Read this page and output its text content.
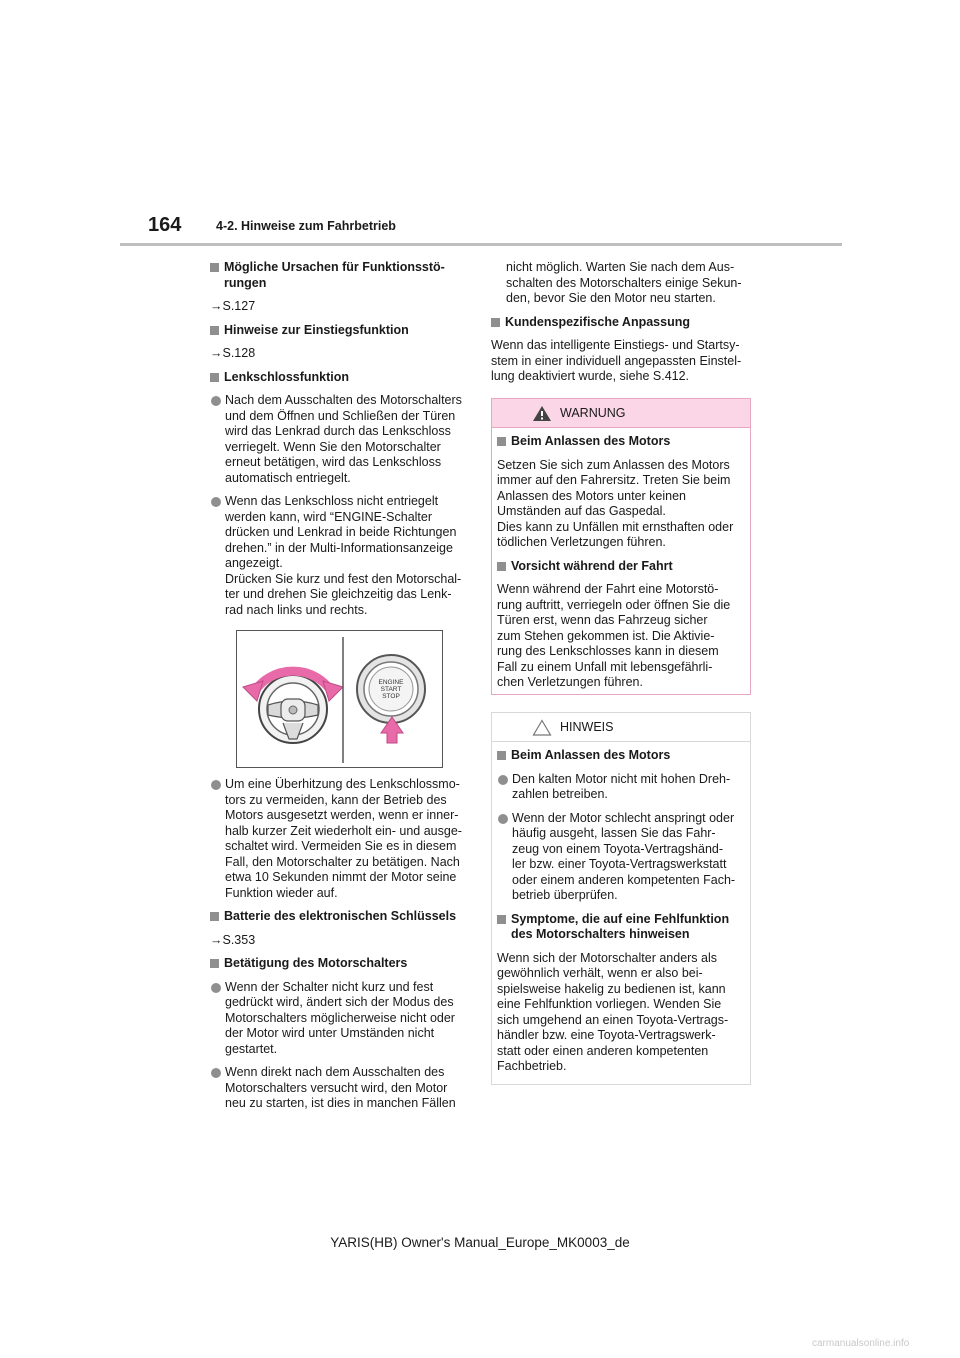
164	4-2. Hinweise zum Fahrbetrieb
Mögliche Ursachen für Funktionsstö-
rungen
→S.127
Hinweise zur Einstiegsfunktion
→S.128
Lenkschlossfunktion
Nach dem Ausschalten des Motorschalters
und dem Öffnen und Schließen der Türen
wird das Lenkrad durch das Lenkschloss
verriegelt. Wenn Sie den Motorschalter
erneut betätigen, wird das Lenkschloss
automatisch entriegelt.
Wenn das Lenkschloss nicht entriegelt
werden kann, wird “ENGINE-Schalter
drücken und Lenkrad in beide Richtungen
drehen.” in der Multi-Informationsanzeige
angezeigt.
Drücken Sie kurz und fest den Motorschal-
ter und drehen Sie gleichzeitig das Lenk-
rad nach links und rechts.
ENGINE
START
STOP
Um eine Überhitzung des Lenkschlossmo-
tors zu vermeiden, kann der Betrieb des
Motors ausgesetzt werden, wenn er inner-
halb kurzer Zeit wiederholt ein- und ausge-
schaltet wird. Vermeiden Sie es in diesem
Fall, den Motorschalter zu betätigen. Nach
etwa 10 Sekunden nimmt der Motor seine
Funktion wieder auf.
Batterie des elektronischen Schlüssels
→S.353
Betätigung des Motorschalters
Wenn der Schalter nicht kurz und fest
gedrückt wird, ändert sich der Modus des
Motorschalters möglicherweise nicht oder
der Motor wird unter Umständen nicht
gestartet.
Wenn direkt nach dem Ausschalten des
Motorschalters versucht wird, den Motor
neu zu starten, ist dies in manchen Fällen
nicht möglich. Warten Sie nach dem Aus-
schalten des Motorschalters einige Sekun-
den, bevor Sie den Motor neu starten.
Kundenspezifische Anpassung
Wenn das intelligente Einstiegs- und Startsy-
stem in einer individuell angepassten Einstel-
lung deaktiviert wurde, siehe S.412.
WARNUNG
Beim Anlassen des Motors
Setzen Sie sich zum Anlassen des Motors
immer auf den Fahrersitz. Treten Sie beim
Anlassen des Motors unter keinen
Umständen auf das Gaspedal.
Dies kann zu Unfällen mit ernsthaften oder
tödlichen Verletzungen führen.
Vorsicht während der Fahrt
Wenn während der Fahrt eine Motorstö-
rung auftritt, verriegeln oder öffnen Sie die
Türen erst, wenn das Fahrzeug sicher
zum Stehen gekommen ist. Die Aktivie-
rung des Lenkschlosses kann in diesem
Fall zu einem Unfall mit lebensgefährli-
chen Verletzungen führen.
HINWEIS
Beim Anlassen des Motors
Den kalten Motor nicht mit hohen Dreh-
zahlen betreiben.
Wenn der Motor schlecht anspringt oder
häufig ausgeht, lassen Sie das Fahr-
zeug von einem Toyota-Vertragshänd-
ler bzw. einer Toyota-Vertragswerkstatt
oder einem anderen kompetenten Fach-
betrieb überprüfen.
Symptome, die auf eine Fehlfunktion
des Motorschalters hinweisen
Wenn sich der Motorschalter anders als
gewöhnlich verhält, wenn er also bei-
spielsweise hakelig zu bedienen ist, kann
eine Fehlfunktion vorliegen. Wenden Sie
sich umgehend an einen Toyota-Vertrags-
händler bzw. eine Toyota-Vertragswerk-
statt oder einen anderen kompetenten
Fachbetrieb.
YARIS(HB) Owner's Manual_Europe_MK0003_de
carmanualsonline.info
